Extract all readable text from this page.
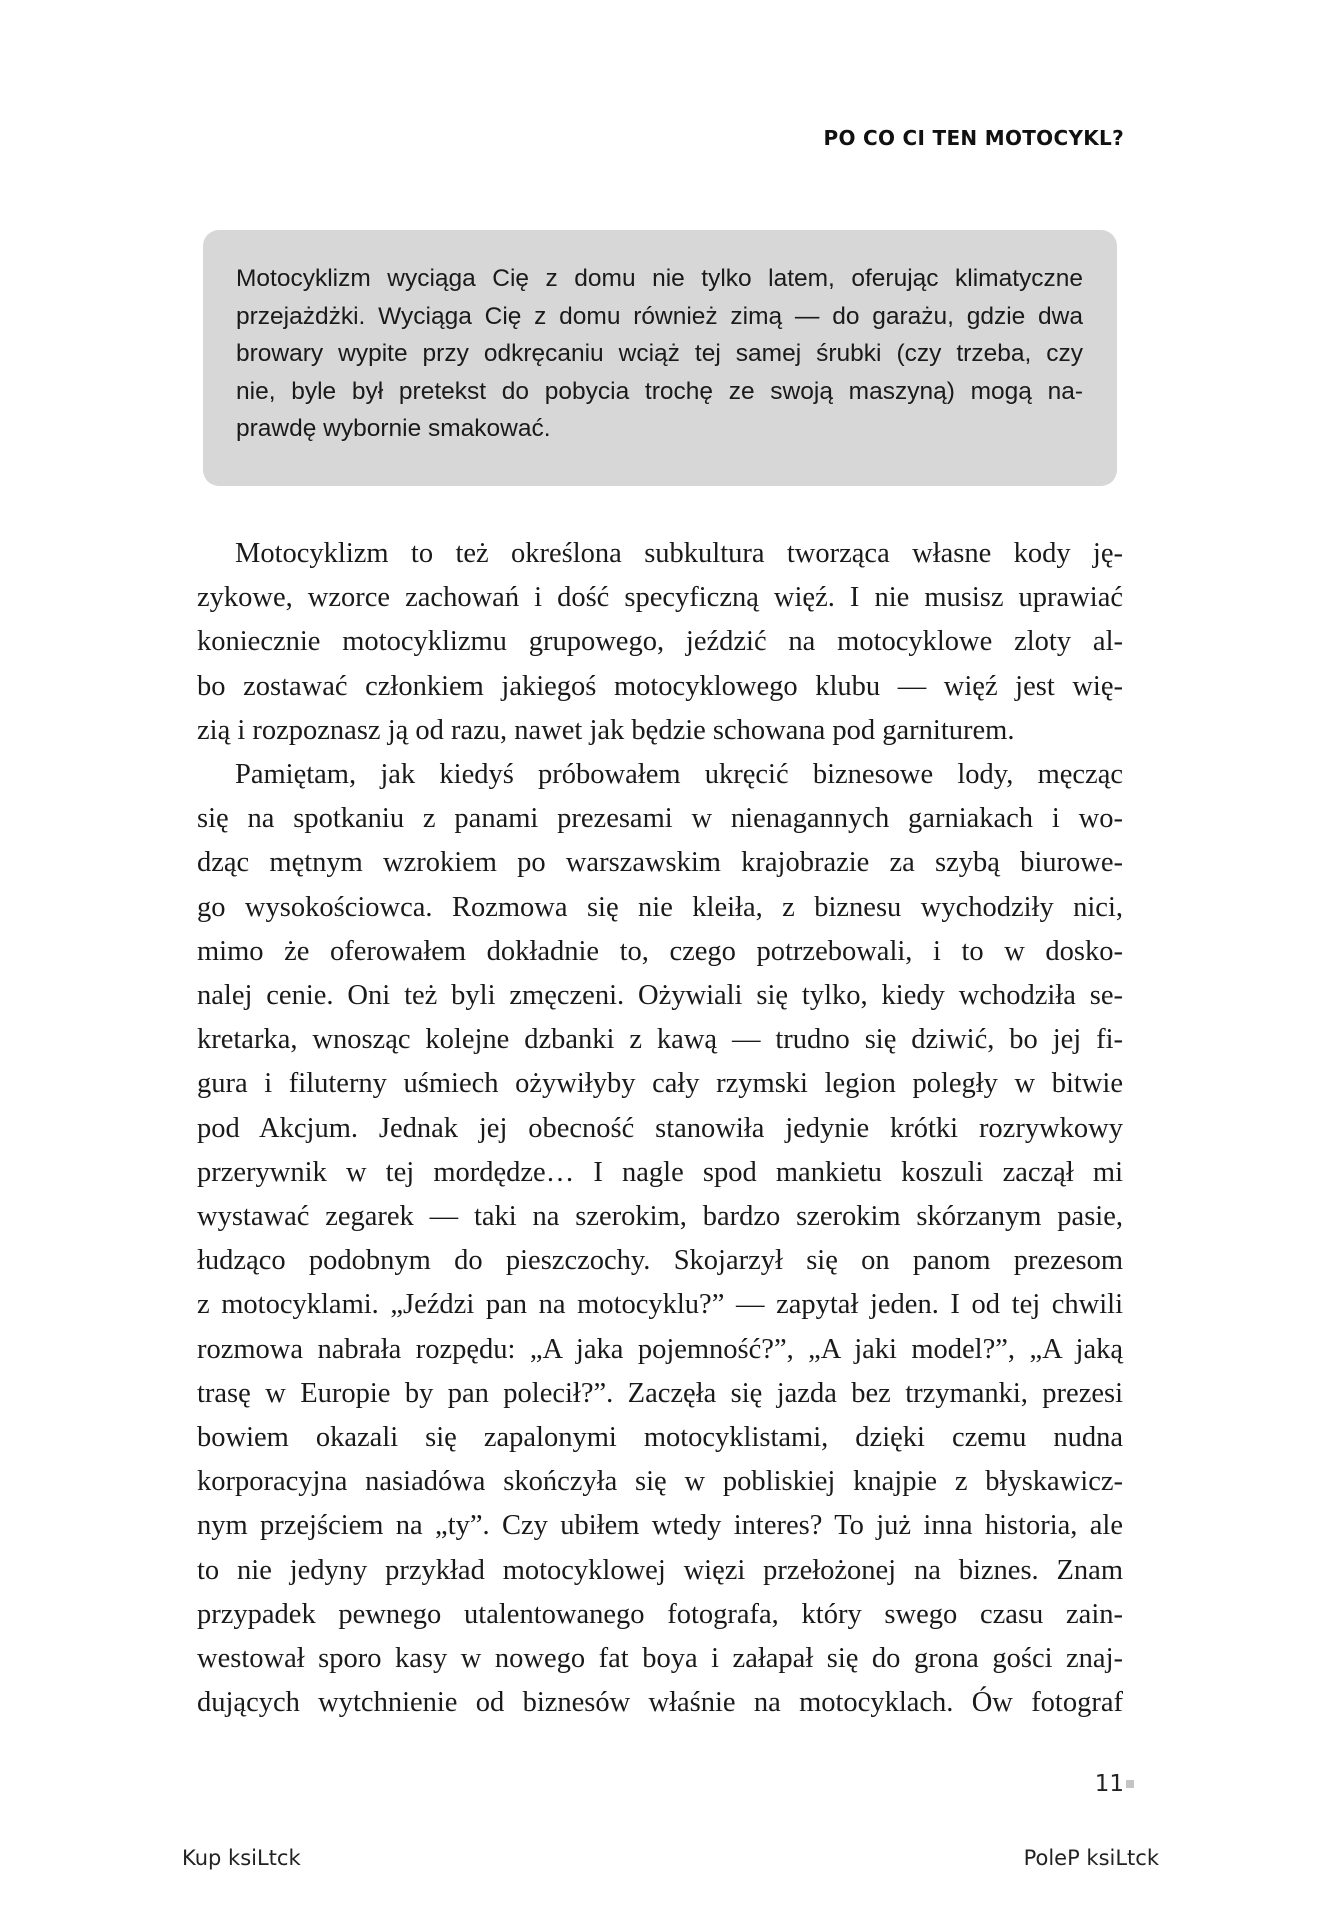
PO CO CI TEN MOTOCYKL?

Motocyklizm wyciąga Cię z domu nie tylko latem, oferując klimatyczne
przejażdżki. Wyciąga Cię z domu również zimą — do garażu, gdzie dwa
browary wypite przy odkręcaniu wciąż tej samej śrubki (czy trzeba, czy
nie, byle był pretekst do pobycia trochę ze swoją maszyną) mogą na-
prawdę wybornie smakować.

Motocyklizm to też określona subkultura tworząca własne kody ję-
zykowe, wzorce zachowań i dość specyficzną więź. I nie musisz uprawiać
koniecznie motocyklizmu grupowego, jeździć na motocyklowe zloty al-
bo zostawać członkiem jakiegoś motocyklowego klubu — więź jest wię-
zią i rozpoznasz ją od razu, nawet jak będzie schowana pod garniturem.

Pamiętam, jak kiedyś próbowałem ukręcić biznesowe lody, męcząc
się na spotkaniu z panami prezesami w nienagannych garniakach i wo-
dząc mętnym wzrokiem po warszawskim krajobrazie za szybą biurowe-
go wysokościowca. Rozmowa się nie kleiła, z biznesu wychodziły nici,
mimo że oferowałem dokładnie to, czego potrzebowali, i to w dosko-
nalej cenie. Oni też byli zmęczeni. Ożywiali się tylko, kiedy wchodziła se-
kretarka, wnosząc kolejne dzbanki z kawą — trudno się dziwić, bo jej fi-
gura i filuterny uśmiech ożywiłyby cały rzymski legion poległy w bitwie
pod Akcjum. Jednak jej obecność stanowiła jedynie krótki rozrywkowy
przerywnik w tej mordędze… I nagle spod mankietu koszuli zaczął mi
wystawać zegarek — taki na szerokim, bardzo szerokim skórzanym pasie,
łudząco podobnym do pieszczochy. Skojarzył się on panom prezesom
z motocyklami. „Jeździ pan na motocyklu?” — zapytał jeden. I od tej chwili
rozmowa nabrała rozpędu: „A jaka pojemność?”, „A jaki model?”, „A jaką
trasę w Europie by pan polecił?”. Zaczęła się jazda bez trzymanki, prezesi
bowiem okazali się zapalonymi motocyklistami, dzięki czemu nudna
korporacyjna nasiadówa skończyła się w pobliskiej knajpie z błyskawicz-
nym przejściem na „ty”. Czy ubiłem wtedy interes? To już inna historia, ale
to nie jedyny przykład motocyklowej więzi przełożonej na biznes. Znam
przypadek pewnego utalentowanego fotografa, który swego czasu zain-
westował sporo kasy w nowego fat boya i załapał się do grona gości znaj-
dujących wytchnienie od biznesów właśnie na motocyklach. Ów fotograf

11
Kup ksiLtck	PoleP ksiLtck
